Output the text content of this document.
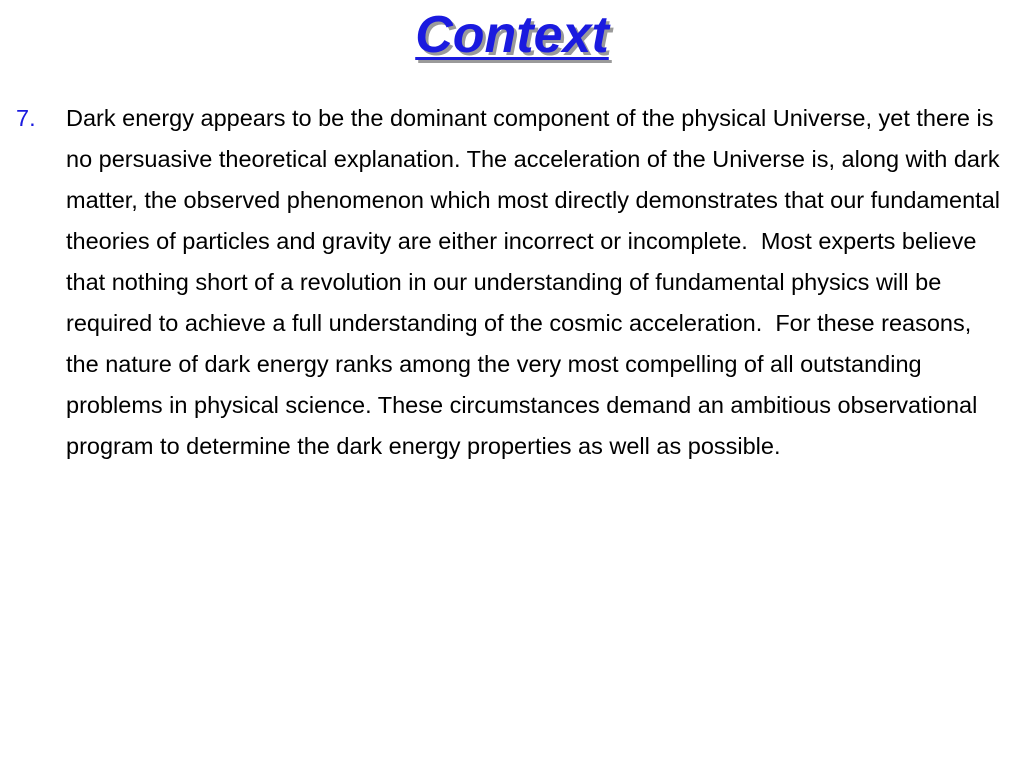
Context
7.	Dark energy appears to be the dominant component of the physical Universe, yet there is no persuasive theoretical explanation. The acceleration of the Universe is, along with dark matter, the observed phenomenon which most directly demonstrates that our fundamental theories of particles and gravity are either incorrect or incomplete.  Most experts believe that nothing short of a revolution in our understanding of fundamental physics will be required to achieve a full understanding of the cosmic acceleration.  For these reasons, the nature of dark energy ranks among the very most compelling of all outstanding problems in physical science. These circumstances demand an ambitious observational program to determine the dark energy properties as well as possible.
